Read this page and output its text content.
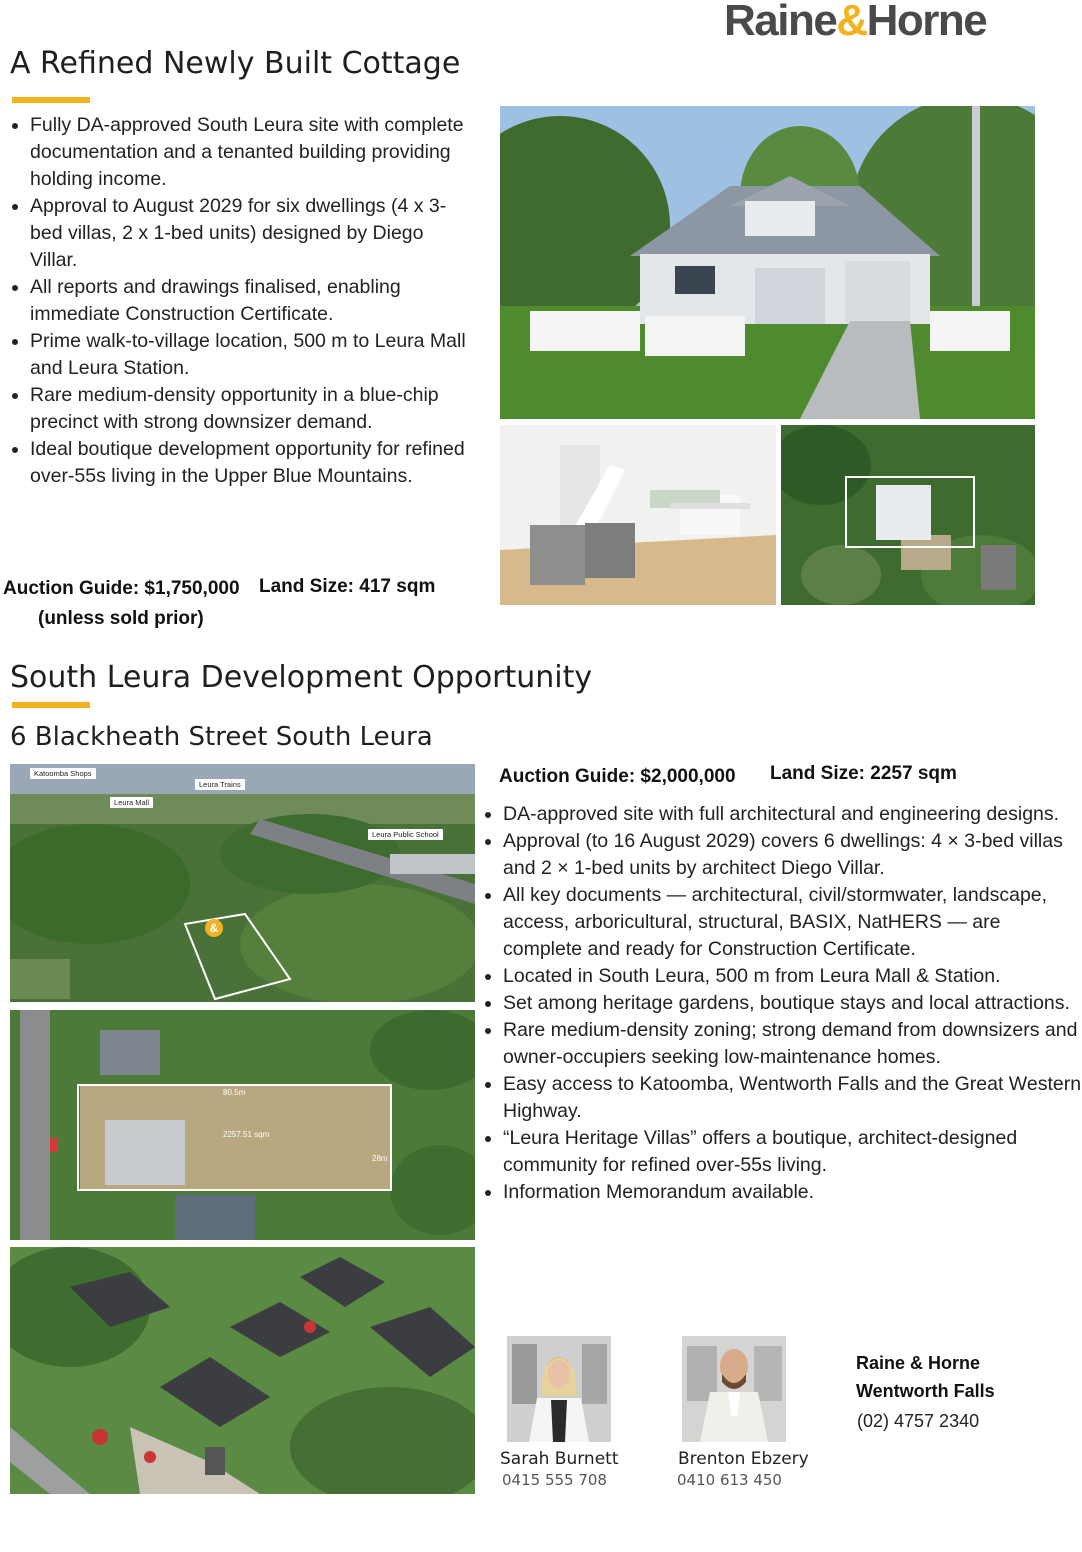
Raine&Horne
A Refined Newly Built Cottage
• Fully DA-approved South Leura site with complete documentation and a tenanted building providing holding income.
• Approval to August 2029 for six dwellings (4 x 3-bed villas, 2 x 1-bed units) designed by Diego Villar.
• All reports and drawings finalised, enabling immediate Construction Certificate.
• Prime walk-to-village location, 500 m to Leura Mall and Leura Station.
• Rare medium-density opportunity in a blue-chip precinct with strong downsizer demand.
• Ideal boutique development opportunity for refined over-55s living in the Upper Blue Mountains.
Auction Guide: $1,750,000
(unless sold prior)
Land Size: 417 sqm
South Leura Development Opportunity
6 Blackheath Street South Leura
Katoomba Shops
Leura Trains
Leura Mall
Leura Public School
&
80.5m
2257.51 sqm
28m
Auction Guide: $2,000,000 Land Size: 2257 sqm
• DA-approved site with full architectural and engineering designs.
• Approval (to 16 August 2029) covers 6 dwellings: 4 × 3-bed villas and 2 × 1-bed units by architect Diego Villar.
• All key documents — architectural, civil/stormwater, landscape, access, arboricultural, structural, BASIX, NatHERS — are complete and ready for Construction Certificate.
• Located in South Leura, 500 m from Leura Mall & Station.
• Set among heritage gardens, boutique stays and local attractions.
• Rare medium-density zoning; strong demand from downsizers and owner-occupiers seeking low-maintenance homes.
• Easy access to Katoomba, Wentworth Falls and the Great Western Highway.
• “Leura Heritage Villas” offers a boutique, architect-designed community for refined over-55s living.
• Information Memorandum available.
Sarah Burnett
0415 555 708
Brenton Ebzery
0410 613 450
Raine & Horne
Wentworth Falls
(02) 4757 2340
